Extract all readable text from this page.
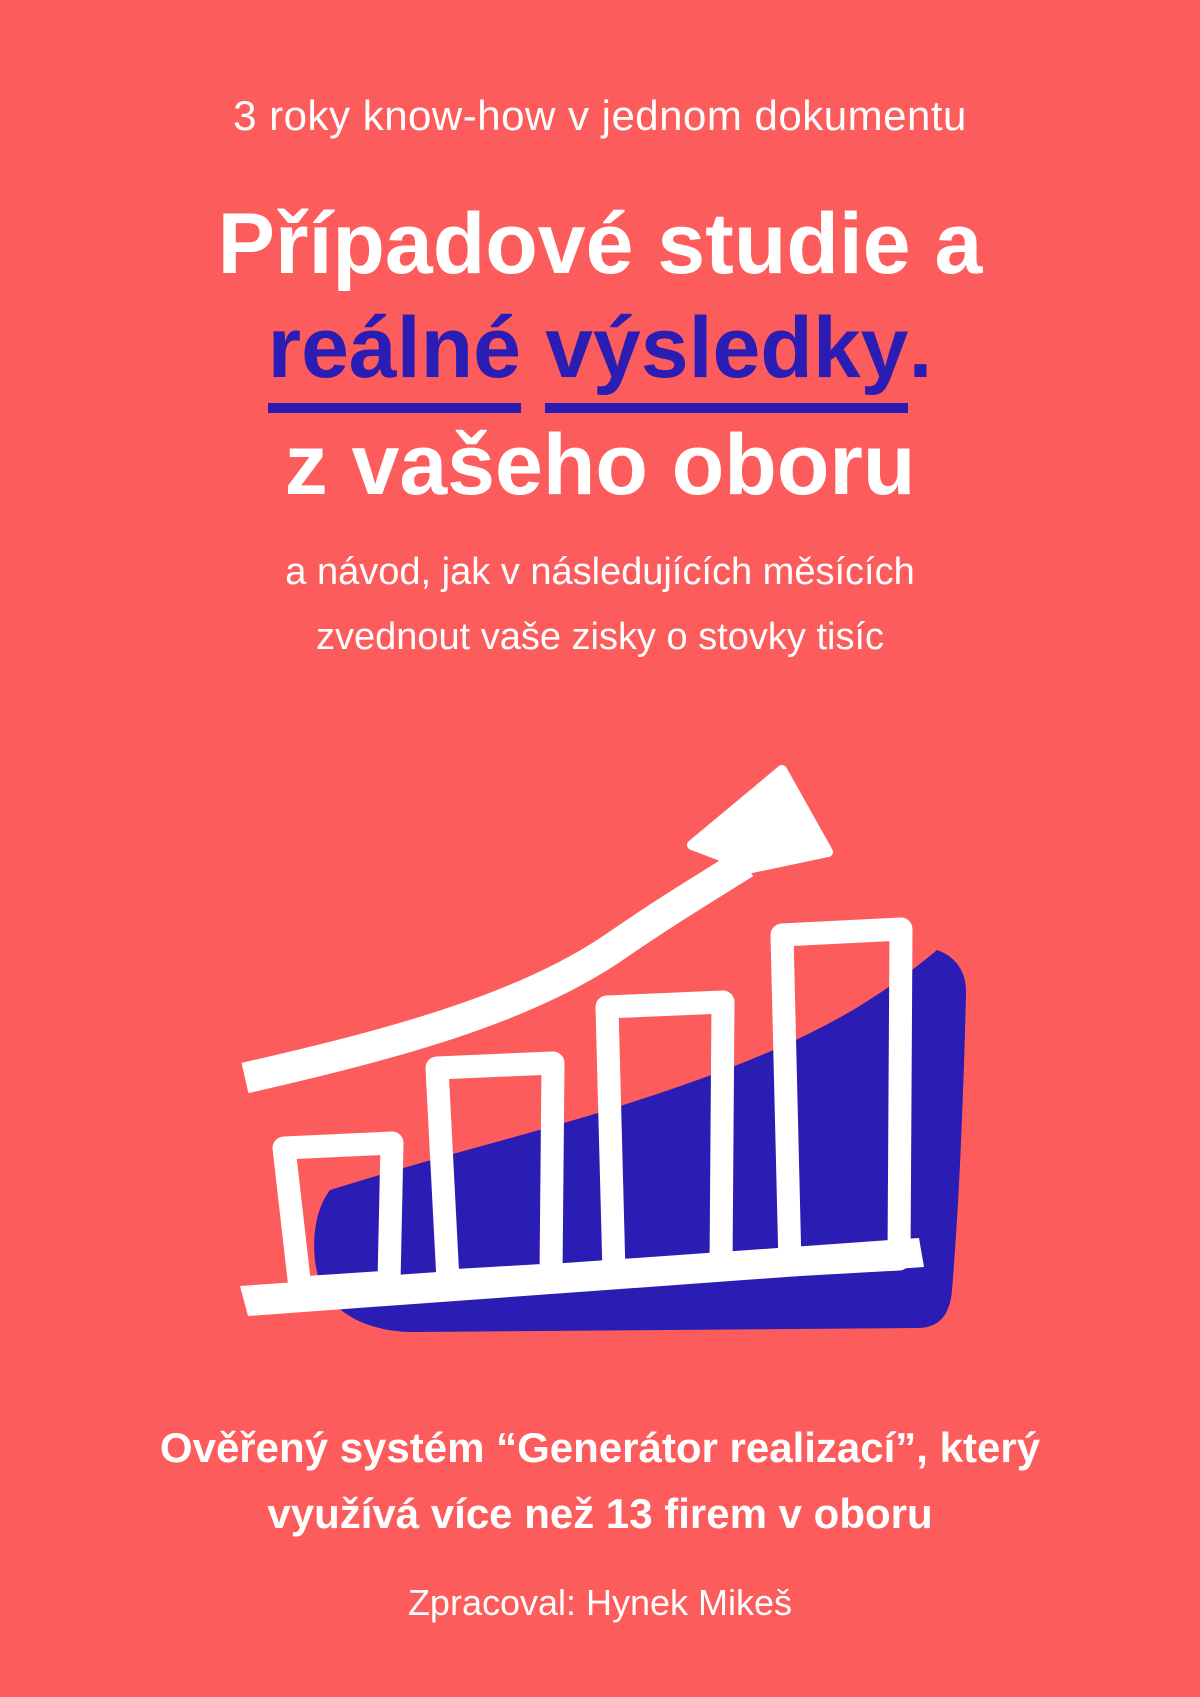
3 roky know-how v jednom dokumentu
Případové studie a
reálné výsledky.
z vašeho oboru

a návod, jak v následujících měsících
zvednout vaše zisky o stovky tisíc

Ověřený systém “Generátor realizací”, který
využívá více než 13 firem v oboru

Zpracoval: Hynek Mikeš
